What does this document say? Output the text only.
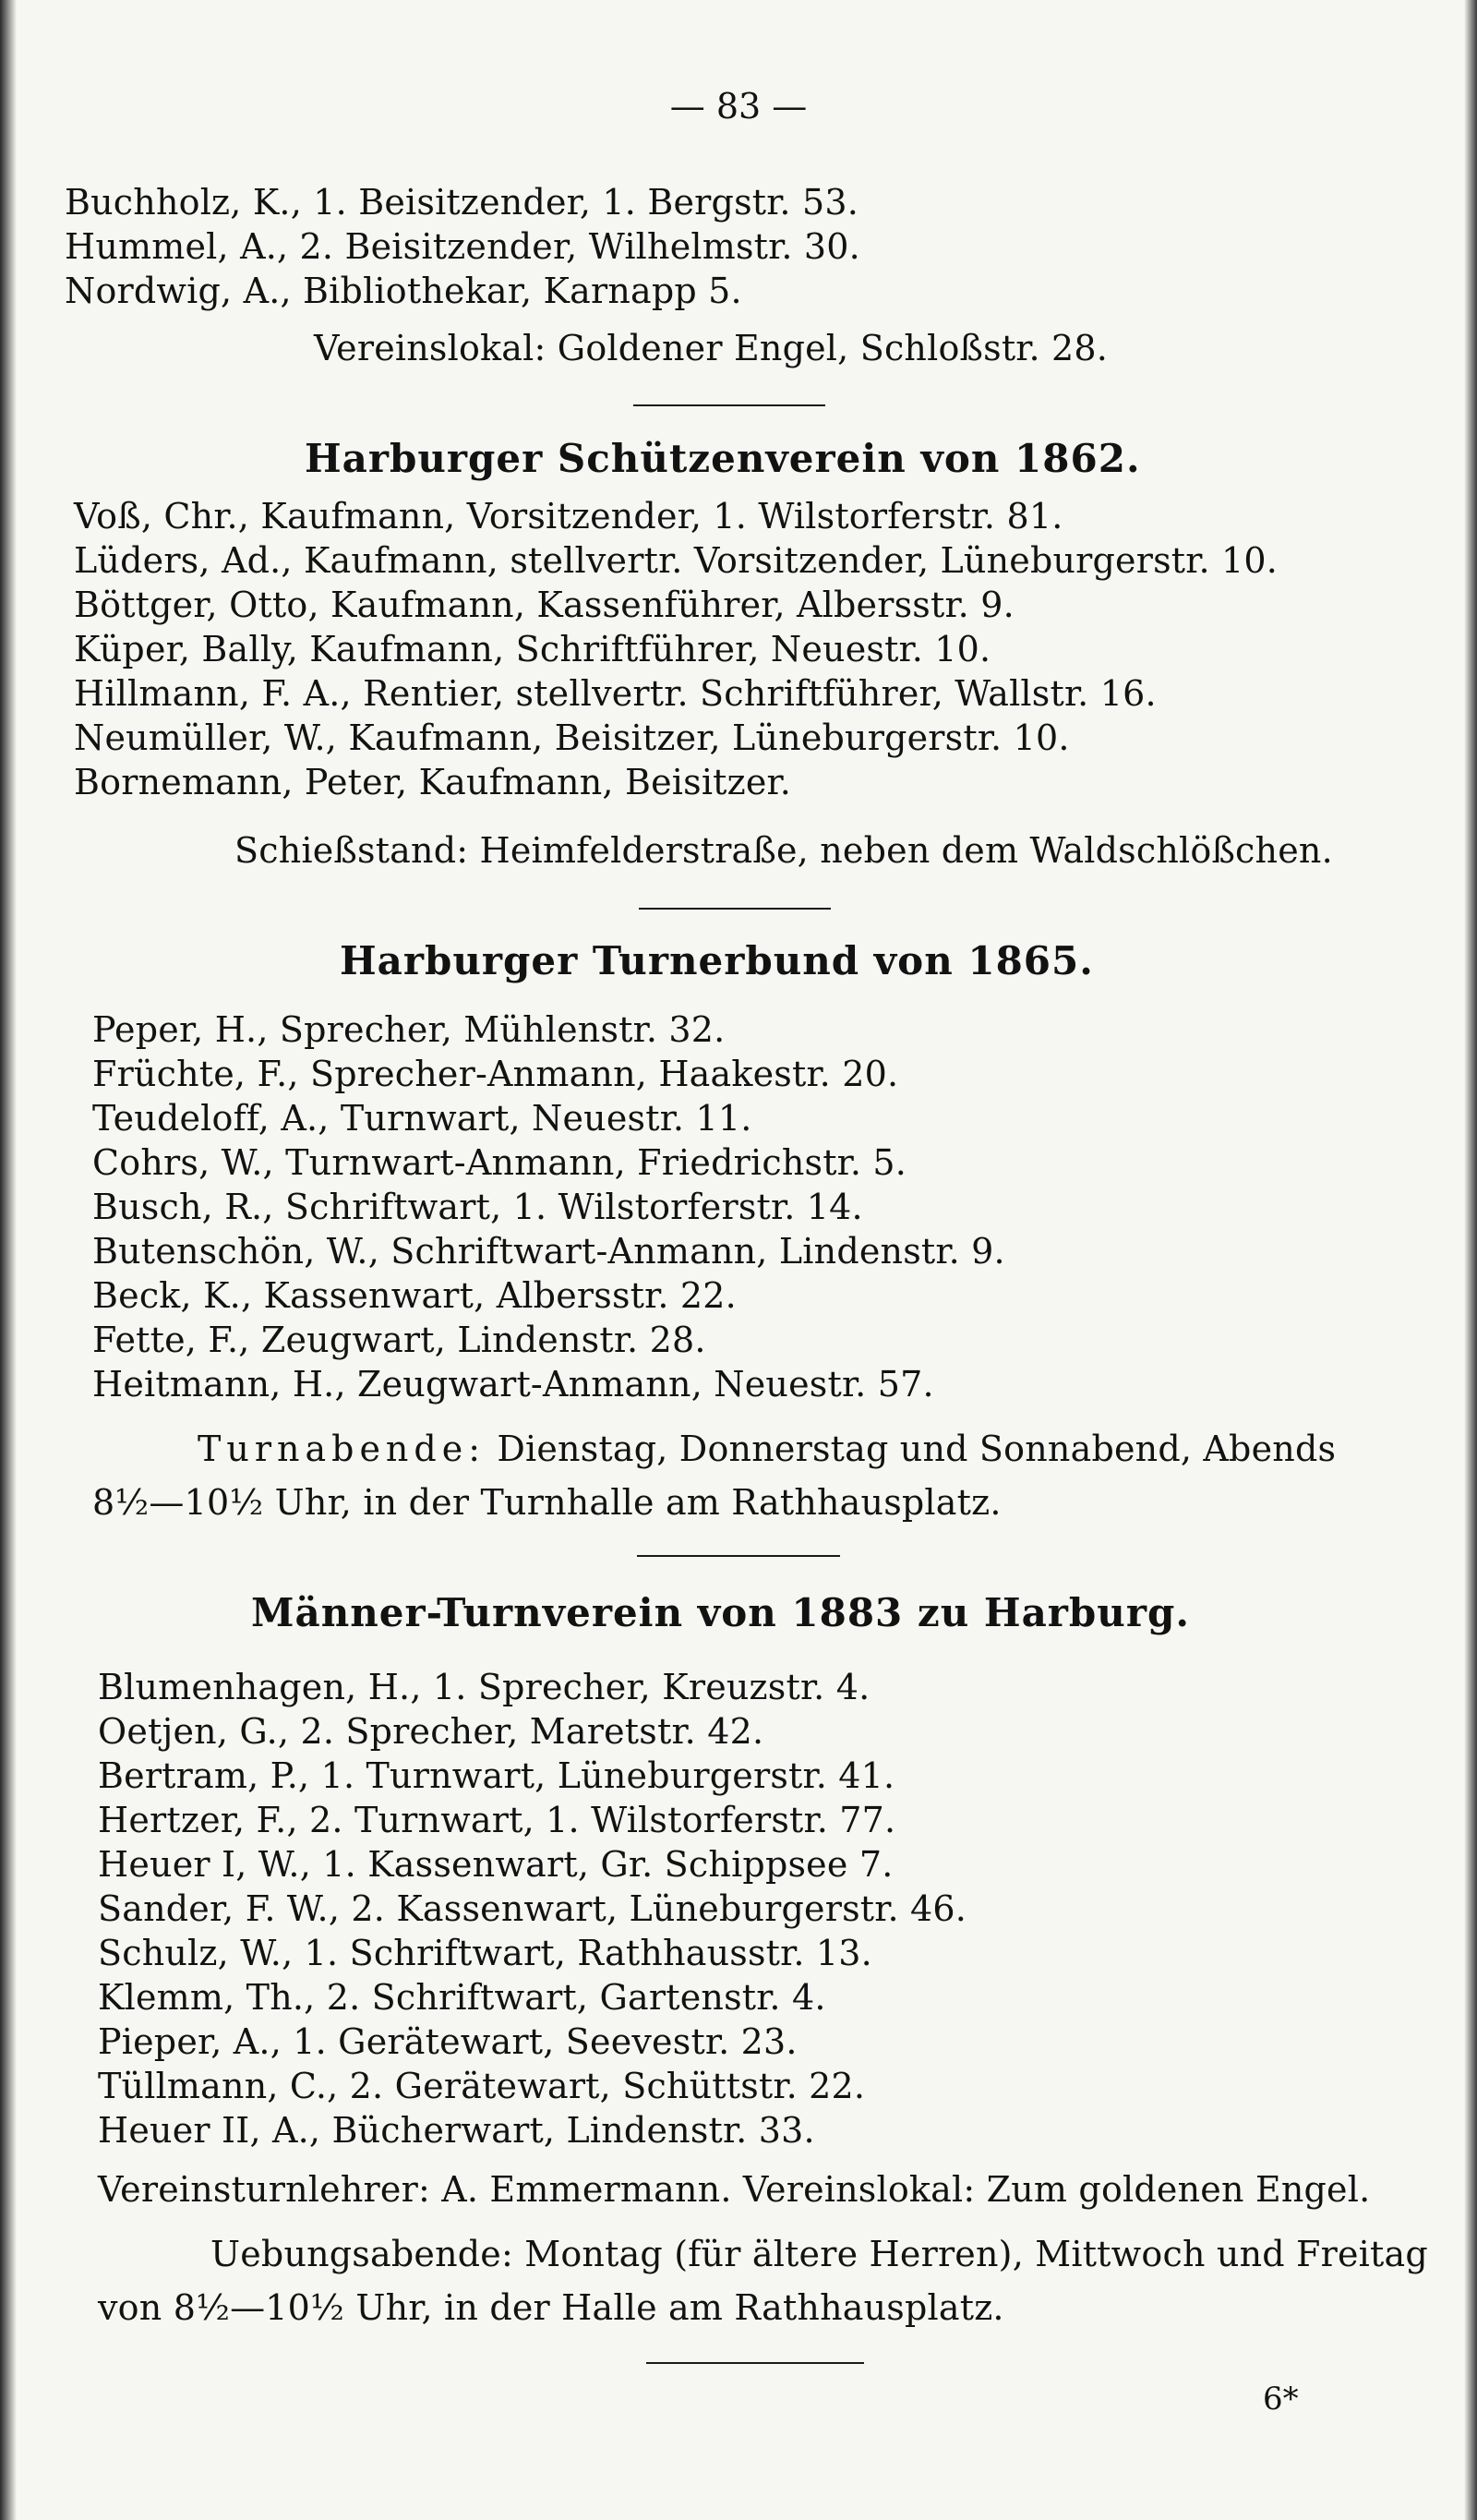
— 83 —
Buchholz, K., 1. Beisitzender, 1. Bergstr. 53.
Hummel, A., 2. Beisitzender, Wilhelmstr. 30.
Nordwig, A., Bibliothekar, Karnapp 5.
Vereinslokal: Goldener Engel, Schloßstr. 28.
Harburger Schützenverein von 1862.
Voß, Chr., Kaufmann, Vorsitzender, 1. Wilstorferstr. 81.
Lüders, Ad., Kaufmann, stellvertr. Vorsitzender, Lüneburgerstr. 10.
Böttger, Otto, Kaufmann, Kassenführer, Albersstr. 9.
Küper, Bally, Kaufmann, Schriftführer, Neuestr. 10.
Hillmann, F. A., Rentier, stellvertr. Schriftführer, Wallstr. 16.
Neumüller, W., Kaufmann, Beisitzer, Lüneburgerstr. 10.
Bornemann, Peter, Kaufmann, Beisitzer.
Schießstand: Heimfelderstraße, neben dem Waldschlößchen.
Harburger Turnerbund von 1865.
Peper, H., Sprecher, Mühlenstr. 32.
Früchte, F., Sprecher-Anmann, Haakestr. 20.
Teudeloff, A., Turnwart, Neuestr. 11.
Cohrs, W., Turnwart-Anmann, Friedrichstr. 5.
Busch, R., Schriftwart, 1. Wilstorferstr. 14.
Butenschön, W., Schriftwart-Anmann, Lindenstr. 9.
Beck, K., Kassenwart, Albersstr. 22.
Fette, F., Zeugwart, Lindenstr. 28.
Heitmann, H., Zeugwart-Anmann, Neuestr. 57.
Turnabende: Dienstag, Donnerstag und Sonnabend, Abends
8½—10½ Uhr, in der Turnhalle am Rathhausplatz.
Männer-Turnverein von 1883 zu Harburg.
Blumenhagen, H., 1. Sprecher, Kreuzstr. 4.
Oetjen, G., 2. Sprecher, Maretstr. 42.
Bertram, P., 1. Turnwart, Lüneburgerstr. 41.
Hertzer, F., 2. Turnwart, 1. Wilstorferstr. 77.
Heuer I, W., 1. Kassenwart, Gr. Schippsee 7.
Sander, F. W., 2. Kassenwart, Lüneburgerstr. 46.
Schulz, W., 1. Schriftwart, Rathhausstr. 13.
Klemm, Th., 2. Schriftwart, Gartenstr. 4.
Pieper, A., 1. Gerätewart, Seevestr. 23.
Tüllmann, C., 2. Gerätewart, Schüttstr. 22.
Heuer II, A., Bücherwart, Lindenstr. 33.
Vereinsturnlehrer: A. Emmermann. Vereinslokal: Zum goldenen Engel.
Uebungsabende: Montag (für ältere Herren), Mittwoch und Freitag
von 8½—10½ Uhr, in der Halle am Rathhausplatz.
6*
